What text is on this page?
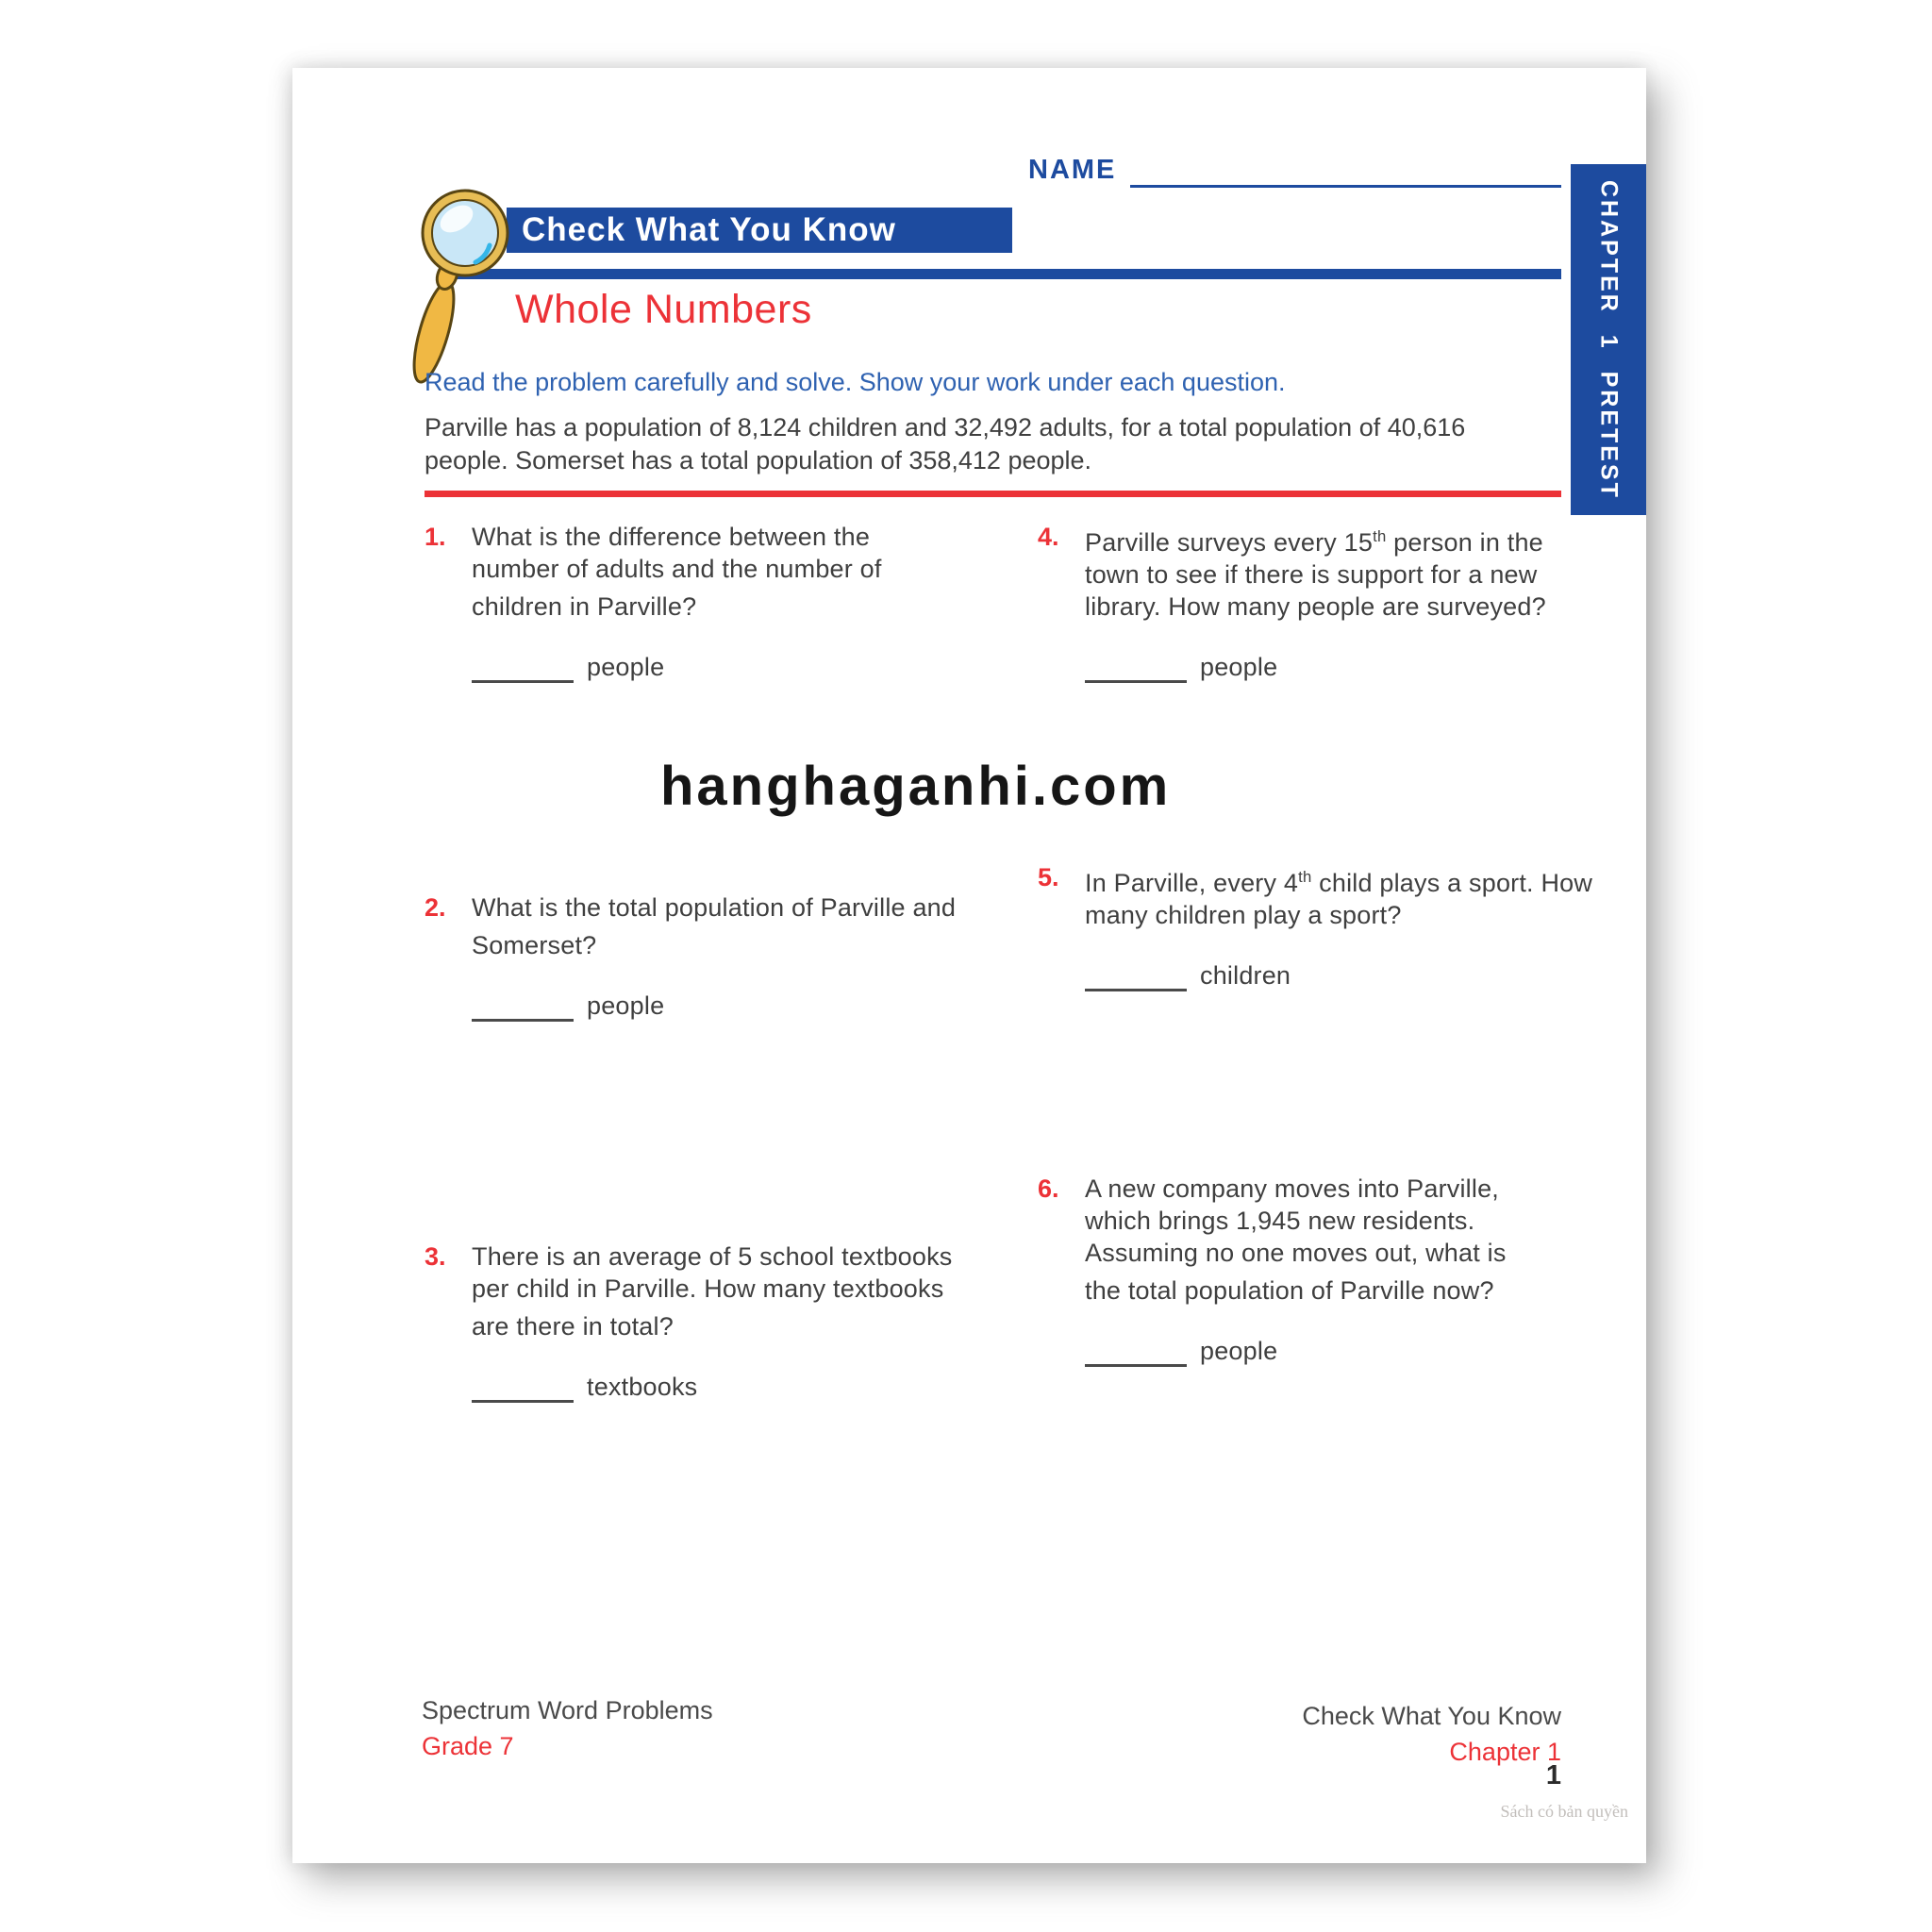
NAME
CHAPTER 1 PRETEST
Check What You Know
Whole Numbers
Read the problem carefully and solve. Show your work under each question.
Parville has a population of 8,124 children and 32,492 adults, for a total population of 40,616 people. Somerset has a total population of 358,412 people.
1.	What is the difference between the number of adults and the number of children in Parville?
people
2.	What is the total population of Parville and Somerset?
people
3.	There is an average of 5 school textbooks per child in Parville. How many textbooks are there in total?
textbooks
4.	Parville surveys every 15th person in the town to see if there is support for a new library. How many people are surveyed?
people
5.	In Parville, every 4th child plays a sport. How many children play a sport?
children
6.	A new company moves into Parville, which brings 1,945 new residents. Assuming no one moves out, what is the total population of Parville now?
people
hanghaganhi.com
Spectrum Word Problems
Grade 7
Check What You Know
Chapter 1
1
Sách có bản quyền
